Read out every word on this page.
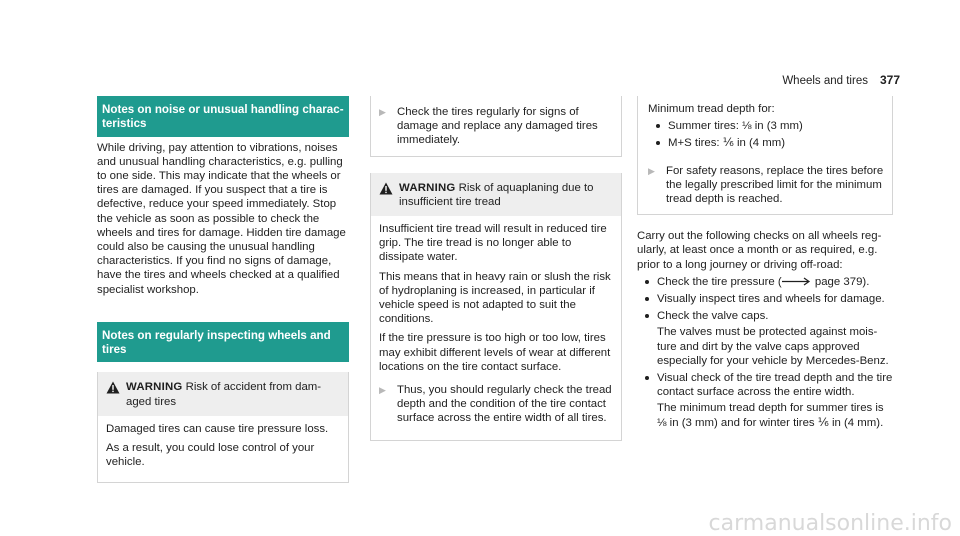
Wheels and tires 377
Notes on noise or unusual handling characteristics

While driving, pay attention to vibrations, noises and unusual handling characteristics, e.g. pulling to one side. This may indicate that the wheels or tires are damaged. If you suspect that a tire is defective, reduce your speed immediately. Stop the vehicle as soon as possible to check the wheels and tires for damage. Hidden tire damage could also be causing the unusual handling characteristics. If you find no signs of damage, have the tires and wheels checked at a qualified specialist workshop.

Notes on regularly inspecting wheels and tires
WARNING Risk of accident from damaged tires

Damaged tires can cause tire pressure loss.

As a result, you could lose control of your vehicle.

▶ Check the tires regularly for signs of damage and replace any damaged tires immediately.
WARNING Risk of aquaplaning due to insufficient tire tread

Insufficient tire tread will result in reduced tire grip. The tire tread is no longer able to dissipate water.

This means that in heavy rain or slush the risk of hydroplaning is increased, in particular if vehicle speed is not adapted to suit the conditions.

If the tire pressure is too high or too low, tires may exhibit different levels of wear at different locations on the tire contact surface.

▶ Thus, you should regularly check the tread depth and the condition of the tire contact surface across the entire width of all tires.
Minimum tread depth for:
Summer tires: ⅛ in (3 mm)
M+S tires: ⅙ in (4 mm)
▶ For safety reasons, replace the tires before the legally prescribed limit for the minimum tread depth is reached.

Carry out the following checks on all wheels regularly, at least once a month or as required, e.g. prior to a long journey or driving off-road:

Check the tire pressure (	page 379).
Visually inspect tires and wheels for damage.
Check the valve caps.
The valves must be protected against moisture and dirt by the valve caps approved especially for your vehicle by Mercedes-Benz.
Visual check of the tire tread depth and the tire contact surface across the entire width.
The minimum tread depth for summer tires is ⅛ in (3 mm) and for winter tires ⅙ in (4 mm).
carmanualsonline.info
